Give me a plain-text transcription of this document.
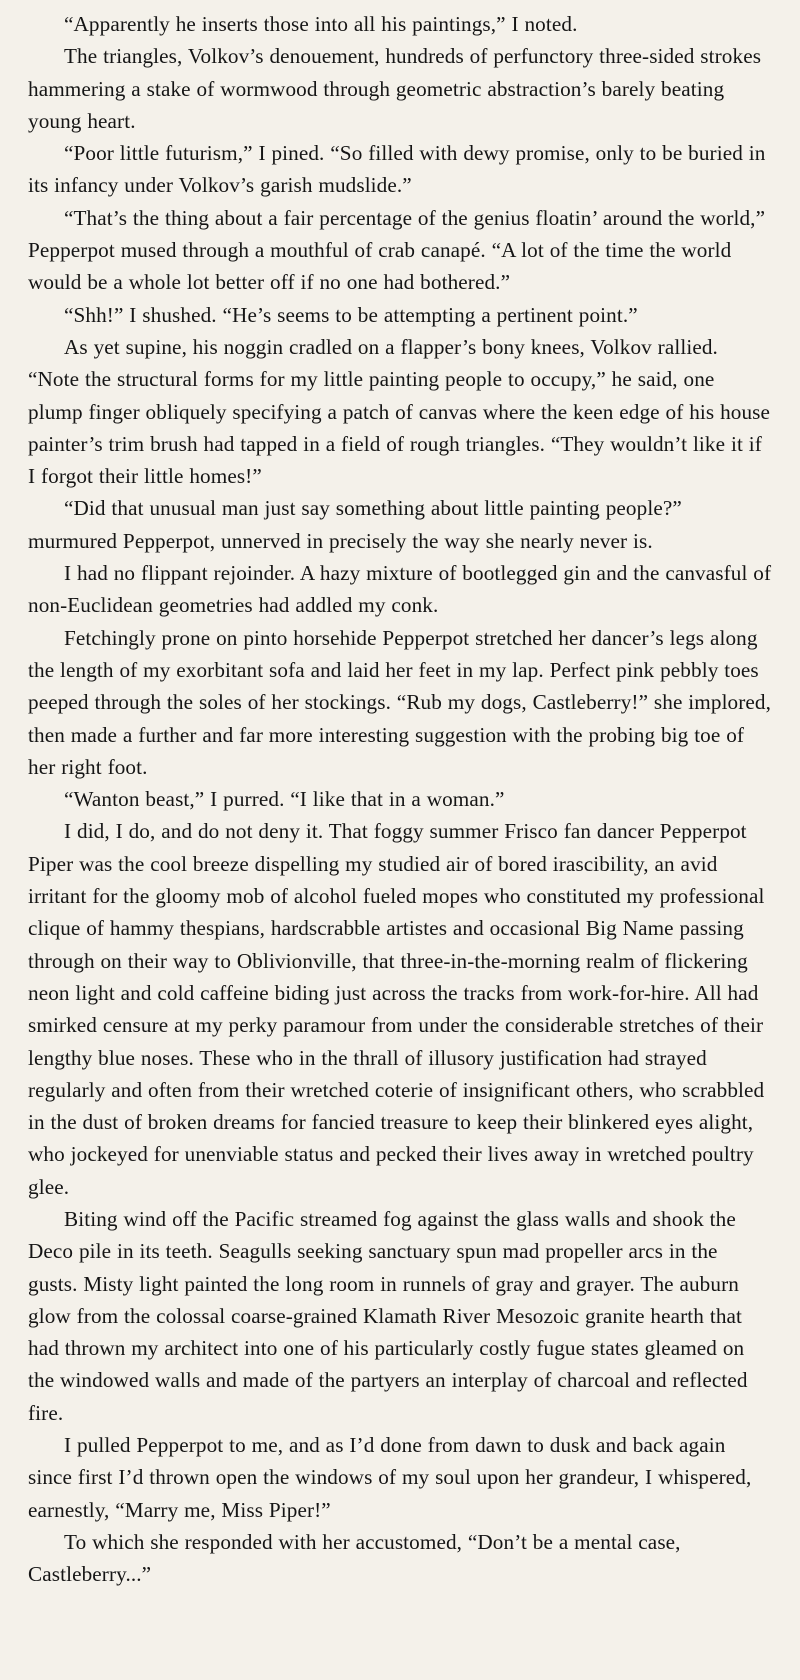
“Apparently he inserts those into all his paintings,” I noted.

The triangles, Volkov’s denouement, hundreds of perfunctory three-sided strokes hammering a stake of wormwood through geometric abstraction’s barely beating young heart.

“Poor little futurism,” I pined. “So filled with dewy promise, only to be buried in its infancy under Volkov’s garish mudslide.”

“That’s the thing about a fair percentage of the genius floatin’ around the world,” Pepperpot mused through a mouthful of crab canapé. “A lot of the time the world would be a whole lot better off if no one had bothered.”

“Shh!” I shushed. “He’s seems to be attempting a pertinent point.”

As yet supine, his noggin cradled on a flapper’s bony knees, Volkov rallied. “Note the structural forms for my little painting people to occupy,” he said, one plump finger obliquely specifying a patch of canvas where the keen edge of his house painter’s trim brush had tapped in a field of rough triangles. “They wouldn’t like it if I forgot their little homes!”

“Did that unusual man just say something about little painting people?” murmured Pepperpot, unnerved in precisely the way she nearly never is.

I had no flippant rejoinder. A hazy mixture of bootlegged gin and the canvasful of non-Euclidean geometries had addled my conk.

Fetchingly prone on pinto horsehide Pepperpot stretched her dancer’s legs along the length of my exorbitant sofa and laid her feet in my lap. Perfect pink pebbly toes peeped through the soles of her stockings. “Rub my dogs, Castleberry!” she implored, then made a further and far more interesting suggestion with the probing big toe of her right foot.

“Wanton beast,” I purred. “I like that in a woman.”

I did, I do, and do not deny it. That foggy summer Frisco fan dancer Pepperpot Piper was the cool breeze dispelling my studied air of bored irascibility, an avid irritant for the gloomy mob of alcohol fueled mopes who constituted my professional clique of hammy thespians, hardscrabble artistes and occasional Big Name passing through on their way to Oblivionville, that three-in-the-morning realm of flickering neon light and cold caffeine biding just across the tracks from work-for-hire. All had smirked censure at my perky paramour from under the considerable stretches of their lengthy blue noses. These who in the thrall of illusory justification had strayed regularly and often from their wretched coterie of insignificant others, who scrabbled in the dust of broken dreams for fancied treasure to keep their blinkered eyes alight, who jockeyed for unenviable status and pecked their lives away in wretched poultry glee.

Biting wind off the Pacific streamed fog against the glass walls and shook the Deco pile in its teeth. Seagulls seeking sanctuary spun mad propeller arcs in the gusts. Misty light painted the long room in runnels of gray and grayer. The auburn glow from the colossal coarse-grained Klamath River Mesozoic granite hearth that had thrown my architect into one of his particularly costly fugue states gleamed on the windowed walls and made of the partyers an interplay of charcoal and reflected fire.

I pulled Pepperpot to me, and as I’d done from dawn to dusk and back again since first I’d thrown open the windows of my soul upon her grandeur, I whispered, earnestly, “Marry me, Miss Piper!”

To which she responded with her accustomed, “Don’t be a mental case, Castleberry...”
